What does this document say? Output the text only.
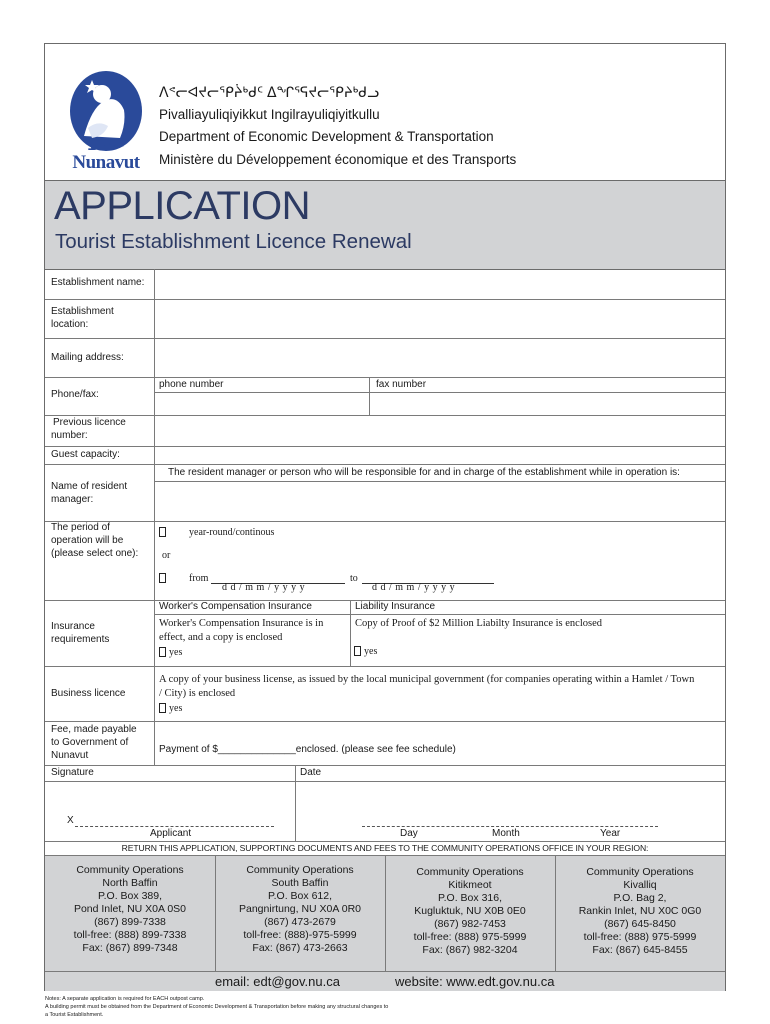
ᓄᓇᕗᑦ
Nunavut
ᐱᕝᓕᐊᔪᓕᕿᔩᒃᑯᑦ ᐃᖏᕐᕋᔪᓕᕿᔨᒃᑯᓗ
Pivalliayuliqiyikkut Ingilrayuliqiyitkullu
Department of Economic Development & Transportation
Ministère du Développement économique et des Transports
APPLICATION
Tourist Establishment Licence Renewal
Establishment name:
Establishment
location:
Mailing address:
Phone/fax:
phone number	fax number
Previous licence
number:
Guest capacity:
The resident manager or person who will be responsible for and in charge of the establishment while in operation is:
Name of resident
manager:
The period of
operation will be
(please select one):
year-round/continous
or
from
d d / m m / y y y y
to
d d / m m / y y y y
Insurance
requirements
Worker's Compensation Insurance	Liability Insurance
Worker's Compensation Insurance is in
effect, and a copy is enclosed
yes
Copy of Proof of $2 Million Liabilty Insurance is enclosed
yes
Business licence
A copy of your business license, as issued by the local municipal government (for companies operating within a Hamlet / Town
/ City) is enclosed
yes
Fee, made payable
to Government of
Nunavut
Payment of $______________enclosed. (please see fee schedule)
Signature	Date
X
Applicant	Day	Month	Year
RETURN THIS APPLICATION, SUPPORTING DOCUMENTS AND FEES TO THE COMMUNITY OPERATIONS OFFICE IN YOUR REGION:
Community Operations
North Baffin
P.O. Box 389,
Pond Inlet, NU X0A 0S0
(867) 899-7338
toll-free: (888) 899-7338
Fax: (867) 899-7348
Community Operations
South Baffin
P.O. Box 612,
Pangnirtung, NU X0A 0R0
(867) 473-2679
toll-free: (888)-975-5999
Fax: (867) 473-2663
Community Operations
Kitikmeot
P.O. Box 316,
Kugluktuk, NU X0B 0E0
(867) 982-7453
toll-free: (888) 975-5999
Fax: (867) 982-3204
Community Operations
Kivalliq
P.O. Bag 2,
Rankin Inlet, NU X0C 0G0
(867) 645-8450
toll-free: (888) 975-5999
Fax: (867) 645-8455
email: edt@gov.nu.ca	website: www.edt.gov.nu.ca
Notes: A separate application is required for EACH outpost camp.
A building permit must be obtained from the Department of Economic Development & Transportation before making any structural changes to
a Tourist Establishment.
